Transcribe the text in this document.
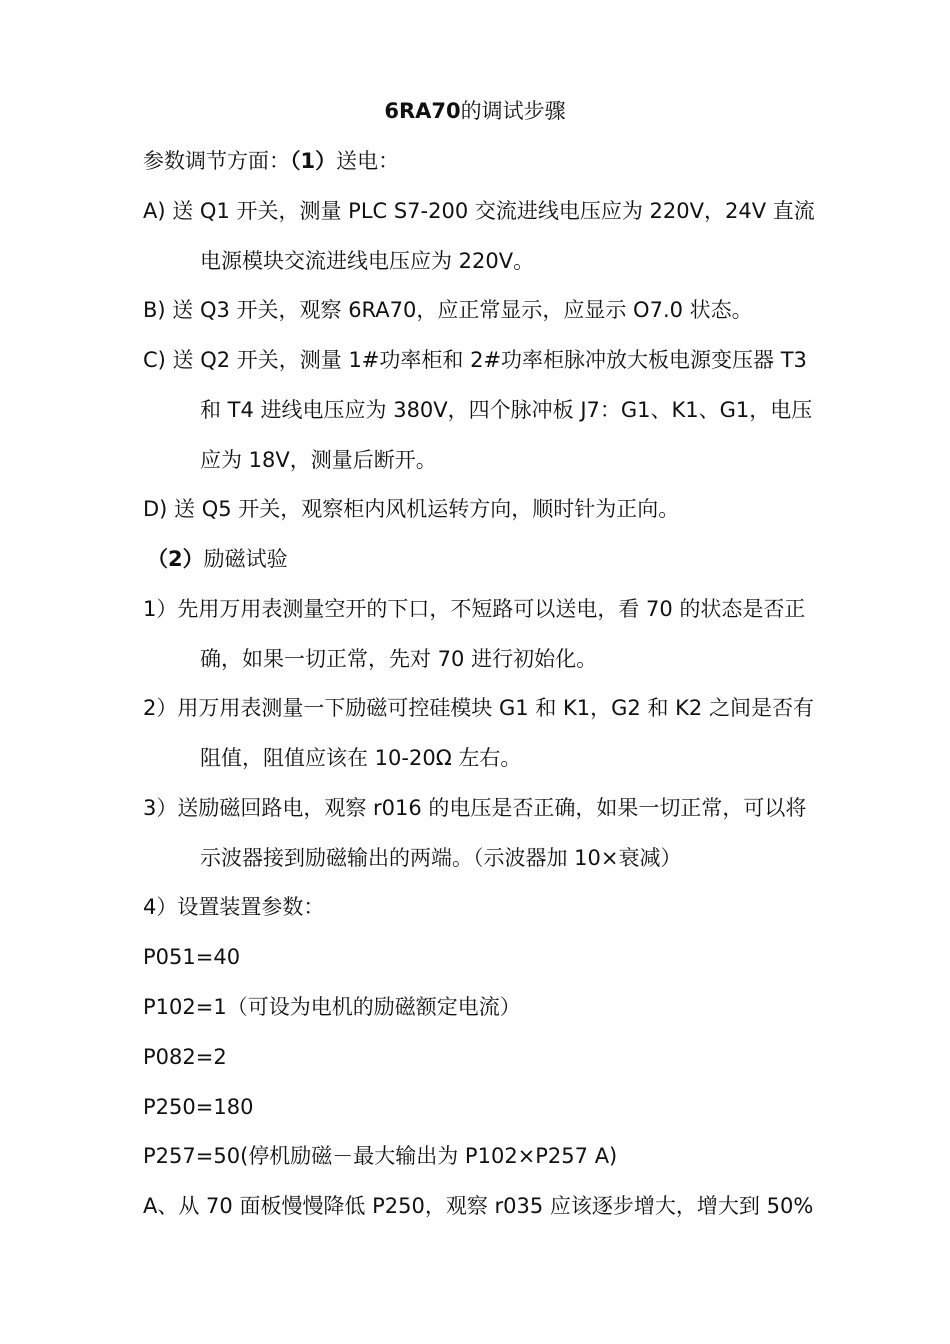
6RA70的调试步骤
参数调节方面：（1）送电：
A) 送 Q1 开关，测量 PLC S7-200 交流进线电压应为 220V，24V 直流
电源模块交流进线电压应为 220V。
B) 送 Q3 开关，观察 6RA70，应正常显示，应显示 O7.0 状态。
C) 送 Q2 开关，测量 1#功率柜和 2#功率柜脉冲放大板电源变压器 T3
和 T4 进线电压应为 380V，四个脉冲板 J7：G1、K1、G1，电压
应为 18V，测量后断开。
D) 送 Q5 开关，观察柜内风机运转方向，顺时针为正向。
（2）励磁试验
1）先用万用表测量空开的下口，不短路可以送电，看 70 的状态是否正
确，如果一切正常，先对 70 进行初始化。
2）用万用表测量一下励磁可控硅模块 G1 和 K1，G2 和 K2 之间是否有
阻值，阻值应该在 10-20Ω 左右。
3）送励磁回路电，观察 r016 的电压是否正确，如果一切正常，可以将
示波器接到励磁输出的两端。（示波器加 10×衰减）
4）设置装置参数：
P051=40
P102=1（可设为电机的励磁额定电流）
P082=2
P250=180
P257=50(停机励磁－最大输出为 P102×P257 A)
A、从 70 面板慢慢降低 P250，观察 r035 应该逐步增大，增大到 50%
